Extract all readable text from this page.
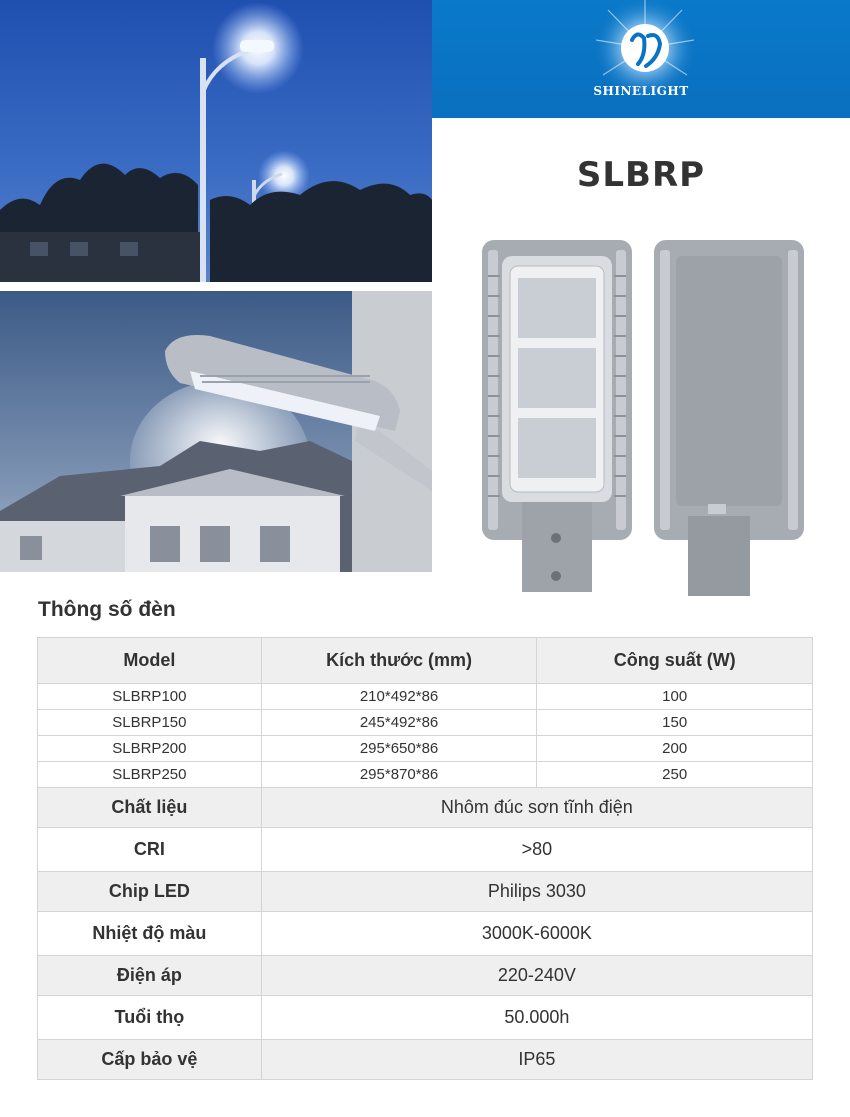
SHINELIGHT
SLBRP
Thông số đèn
Model	Kích thước (mm)	Công suất (W)
SLBRP100	210*492*86	100
SLBRP150	245*492*86	150
SLBRP200	295*650*86	200
SLBRP250	295*870*86	250
Chất liệu	Nhôm đúc sơn tĩnh điện	
CRI	>80	
Chip LED	Philips 3030	
Nhiệt độ màu	3000K-6000K	
Điện áp	220-240V	
Tuổi thọ	50.000h	
Cấp bảo vệ	IP65	
